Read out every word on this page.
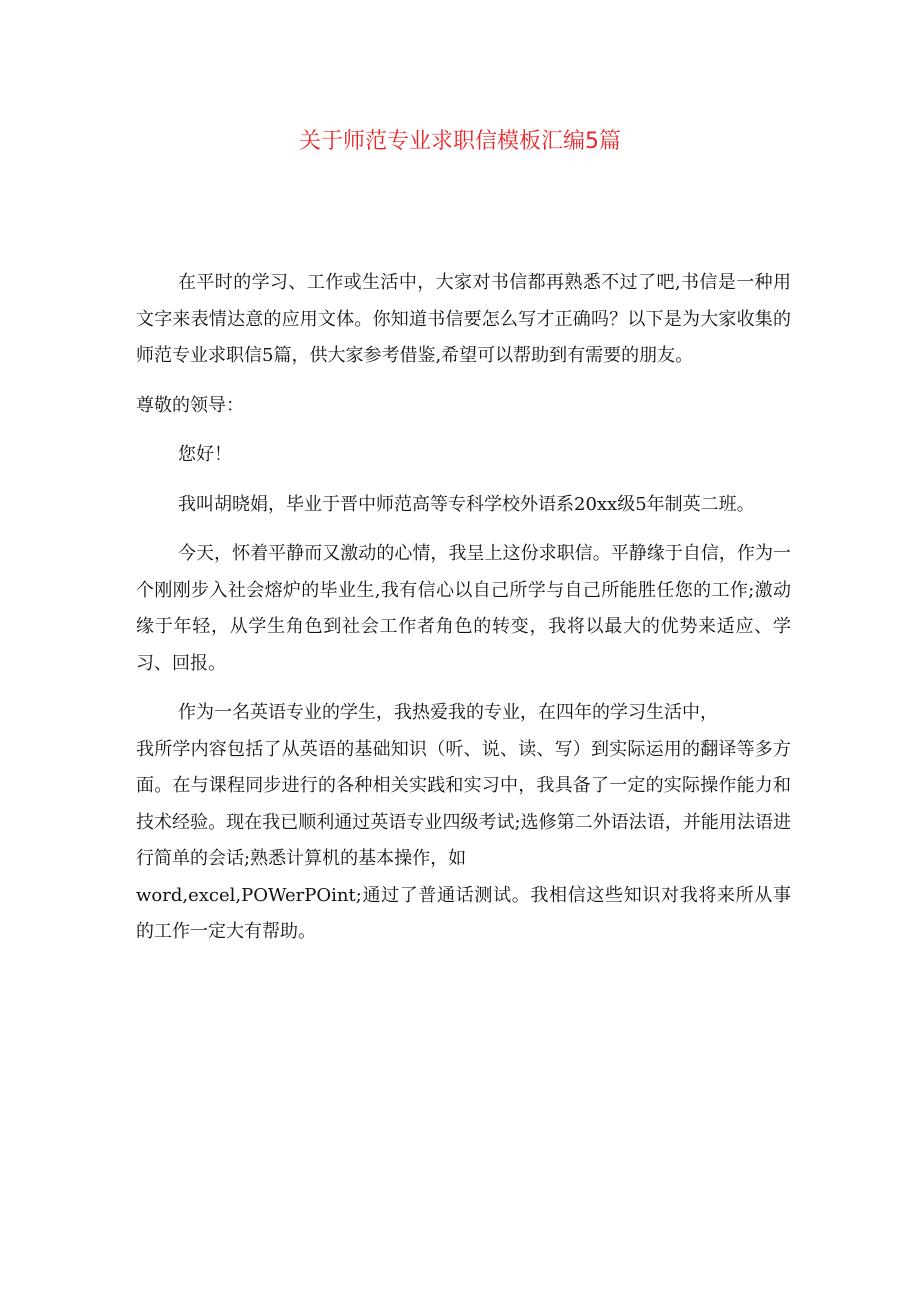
关于师范专业求职信模板汇编5篇

在平时的学习、工作或生活中，大家对书信都再熟悉不过了吧,书信是一种用文字来表情达意的应用文体。你知道书信要怎么写才正确吗？以下是为大家收集的师范专业求职信5篇，供大家参考借鉴,希望可以帮助到有需要的朋友。

尊敬的领导：

您好！

我叫胡晓娟，毕业于晋中师范高等专科学校外语系20xx级5年制英二班。

今天，怀着平静而又激动的心情，我呈上这份求职信。平静缘于自信，作为一个刚刚步入社会熔炉的毕业生,我有信心以自己所学与自己所能胜任您的工作;激动缘于年轻，从学生角色到社会工作者角色的转变，我将以最大的优势来适应、学习、回报。

作为一名英语专业的学生，我热爱我的专业，在四年的学习生活中，

我所学内容包括了从英语的基础知识（听、说、读、写）到实际运用的翻译等多方面。在与课程同步进行的各种相关实践和实习中，我具备了一定的实际操作能力和技术经验。现在我已顺利通过英语专业四级考试;选修第二外语法语，并能用法语进行简单的会话;熟悉计算机的基本操作，如

word,excel,POWerPOint;通过了普通话测试。我相信这些知识对我将来所从事的工作一定大有帮助。
